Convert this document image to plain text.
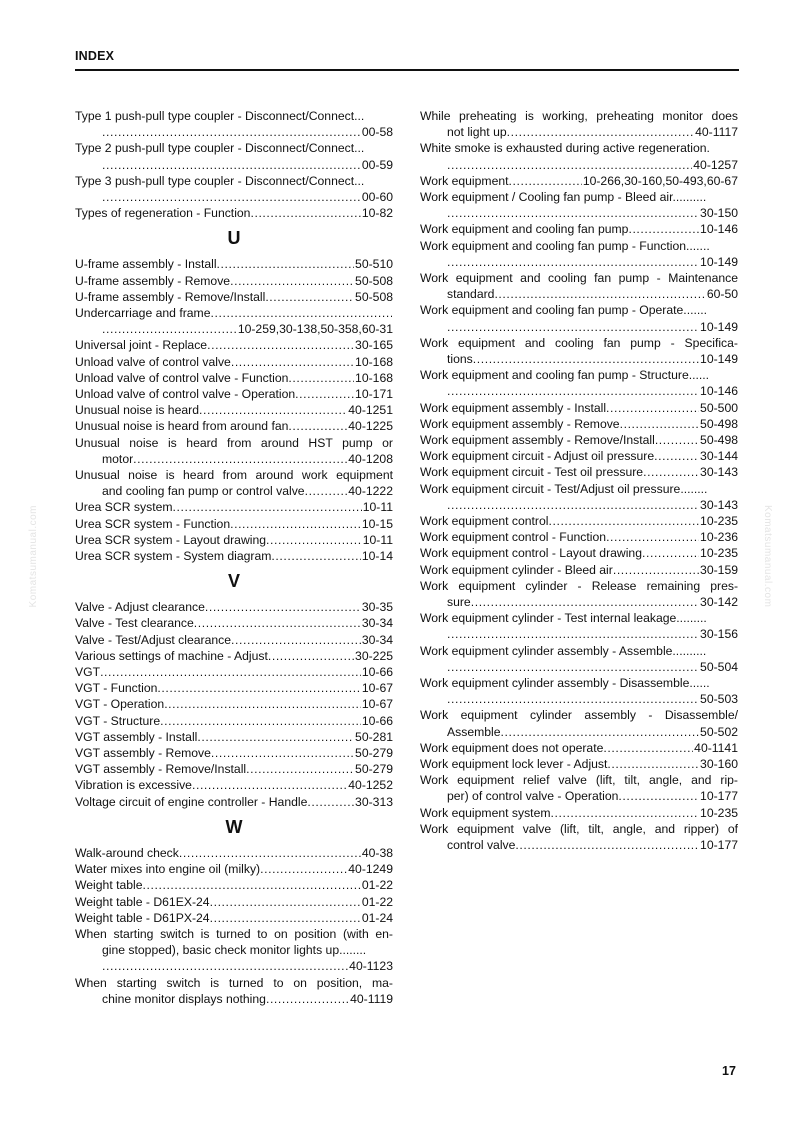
INDEX
Komatsumanual.com	Komatsumanual.com
Type 1 push-pull type coupler - Disconnect/Connect...
.....
00-58
Type 2 push-pull type coupler - Disconnect/Connect...
.....
00-59
Type 3 push-pull type coupler - Disconnect/Connect...
.....
00-60
Types of regeneration - Function .....	10-82
U
U-frame assembly - Install .....	50-510
U-frame assembly - Remove .....	50-508
U-frame assembly - Remove/Install .....	50-508
Undercarriage and frame
.....
.....
10-259,30-138,50-358,60-31
Universal joint - Replace .....	30-165
Unload valve of control valve .....	10-168
Unload valve of control valve - Function .....	10-168
Unload valve of control valve - Operation .....	10-171
Unusual noise is heard .....	40-1251
Unusual noise is heard from around fan .....	40-1225
Unusual noise is heard from around HST pump or
motor .....	40-1208
Unusual noise is heard from around work equipment
and cooling fan pump or control valve .....	40-1222
Urea SCR system .....	10-11
Urea SCR system - Function .....	10-15
Urea SCR system - Layout drawing .....	10-11
Urea SCR system - System diagram .....	10-14
V
Valve - Adjust clearance .....	30-35
Valve - Test clearance .....	30-34
Valve - Test/Adjust clearance .....	30-34
Various settings of machine - Adjust .....	30-225
VGT .....	10-66
VGT - Function .....	10-67
VGT - Operation .....	10-67
VGT - Structure .....	10-66
VGT assembly - Install .....	50-281
VGT assembly - Remove .....	50-279
VGT assembly - Remove/Install .....	50-279
Vibration is excessive .....	40-1252
Voltage circuit of engine controller - Handle .....	30-313
W
Walk-around check .....	40-38
Water mixes into engine oil (milky) .....	40-1249
Weight table .....	01-22
Weight table - D61EX-24 .....	01-22
Weight table - D61PX-24 .....	01-24
When starting switch is turned to on position (with en-
gine stopped), basic check monitor lights up........
.....
40-1123
When starting switch is turned to on position, ma-
chine monitor displays nothing .....	40-1119
While preheating is working, preheating monitor does
not light up .....	40-1117
White smoke is exhausted during active regeneration.
.....
40-1257
Work equipment .....	10-266,30-160,50-493,60-67
Work equipment / Cooling fan pump - Bleed air..........
.....
30-150
Work equipment and cooling fan pump .....	10-146
Work equipment and cooling fan pump - Function.......
.....
10-149
Work equipment and cooling fan pump - Maintenance
standard .....	60-50
Work equipment and cooling fan pump - Operate.......
.....
10-149
Work equipment and cooling fan pump - Specifica-
tions .....	10-149
Work equipment and cooling fan pump - Structure......
.....
10-146
Work equipment assembly - Install .....	50-500
Work equipment assembly - Remove .....	50-498
Work equipment assembly - Remove/Install .....	50-498
Work equipment circuit - Adjust oil pressure .....	30-144
Work equipment circuit - Test oil pressure .....	30-143
Work equipment circuit - Test/Adjust oil pressure........
.....
30-143
Work equipment control .....	10-235
Work equipment control - Function .....	10-236
Work equipment control - Layout drawing .....	10-235
Work equipment cylinder - Bleed air .....	30-159
Work equipment cylinder - Release remaining pres-
sure .....	30-142
Work equipment cylinder - Test internal leakage.........
.....
30-156
Work equipment cylinder assembly - Assemble..........
.....
50-504
Work equipment cylinder assembly - Disassemble......
.....
50-503
Work equipment cylinder assembly - Disassemble/
Assemble .....	50-502
Work equipment does not operate .....	40-1141
Work equipment lock lever - Adjust .....	30-160
Work equipment relief valve (lift, tilt, angle, and rip-
per) of control valve - Operation .....	10-177
Work equipment system .....	10-235
Work equipment valve (lift, tilt, angle, and ripper) of
control valve .....	10-177
17
